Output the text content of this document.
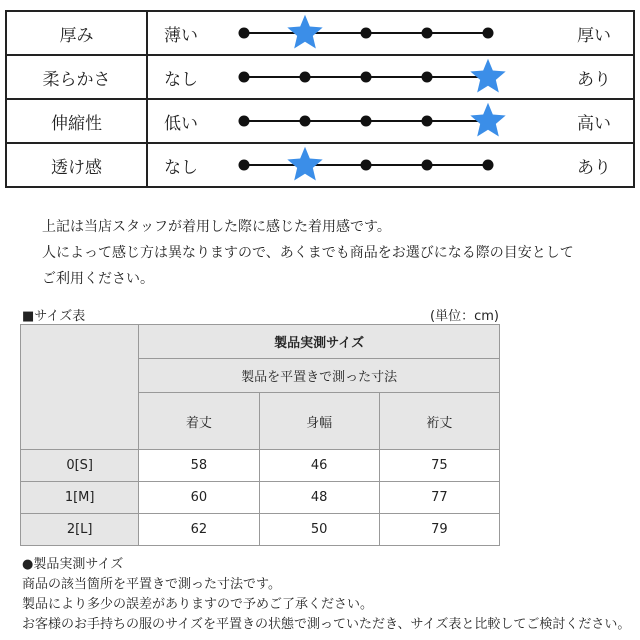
厚み	薄い		厚い
柔らかさ	なし		あり
伸縮性	低い		高い
透け感	なし		あり
上記は当店スタッフが着用した際に感じた着用感です。
人によって感じ方は異なりますので、あくまでも商品をお選びになる際の目安として
ご利用ください。
■サイズ表	(単位：cm)
	製品実測サイズ		
	製品を平置きで測った寸法		
	着丈	身幅	裄丈
0[S]	58	46	75
1[M]	60	48	77
2[L]	62	50	79
●製品実測サイズ
商品の該当箇所を平置きで測った寸法です。
製品により多少の誤差がありますので予めご了承ください。
お客様のお手持ちの服のサイズを平置きの状態で測っていただき、サイズ表と比較してご検討ください。
